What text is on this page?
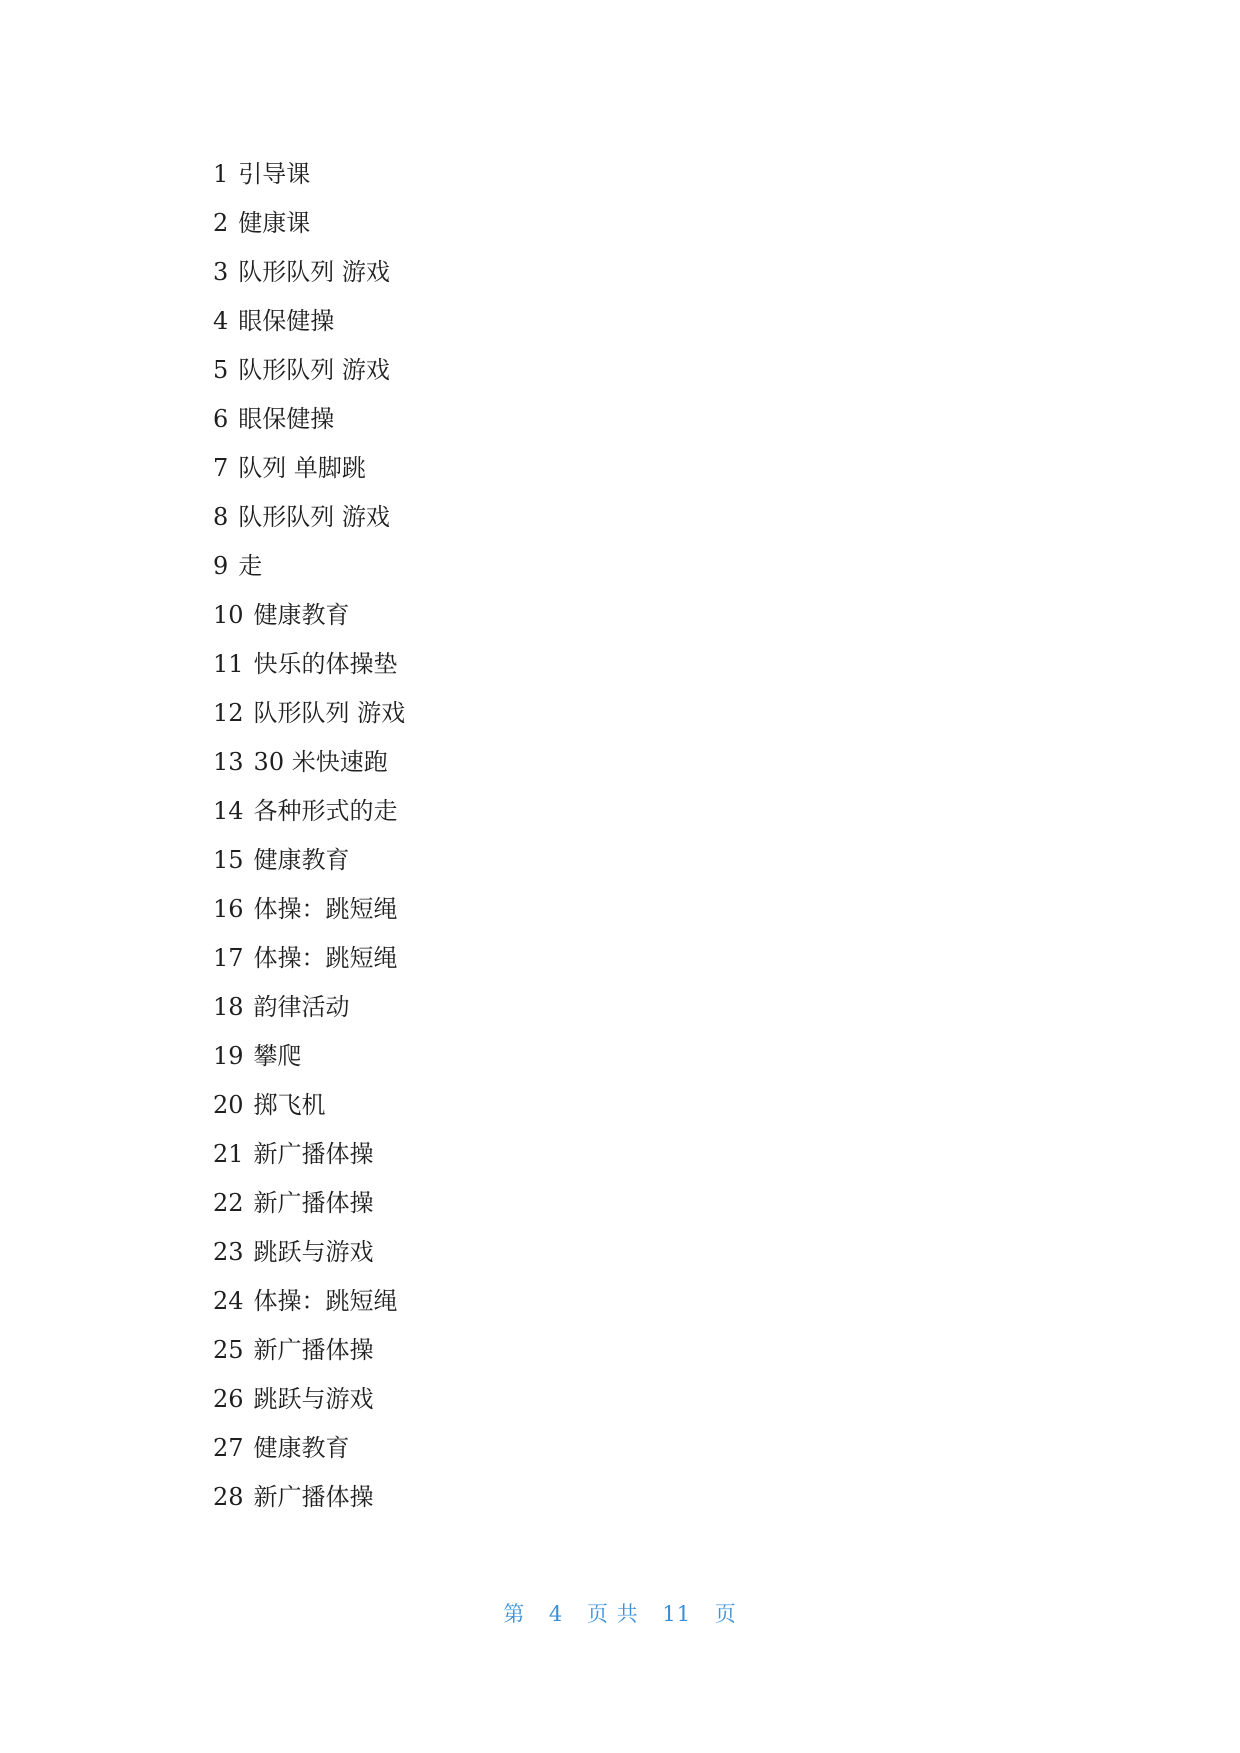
1 引导课
2 健康课
3 队形队列 游戏
4 眼保健操
5 队形队列 游戏
6 眼保健操
7 队列 单脚跳
8 队形队列 游戏
9 走
10 健康教育
11 快乐的体操垫
12 队形队列 游戏
13 30 米快速跑
14 各种形式的走
15 健康教育
16 体操：跳短绳
17 体操：跳短绳
18 韵律活动
19 攀爬
20 掷飞机
21 新广播体操
22 新广播体操
23 跳跃与游戏
24 体操：跳短绳
25 新广播体操
26 跳跃与游戏
27 健康教育
28 新广播体操
第 4 页 共 11 页
